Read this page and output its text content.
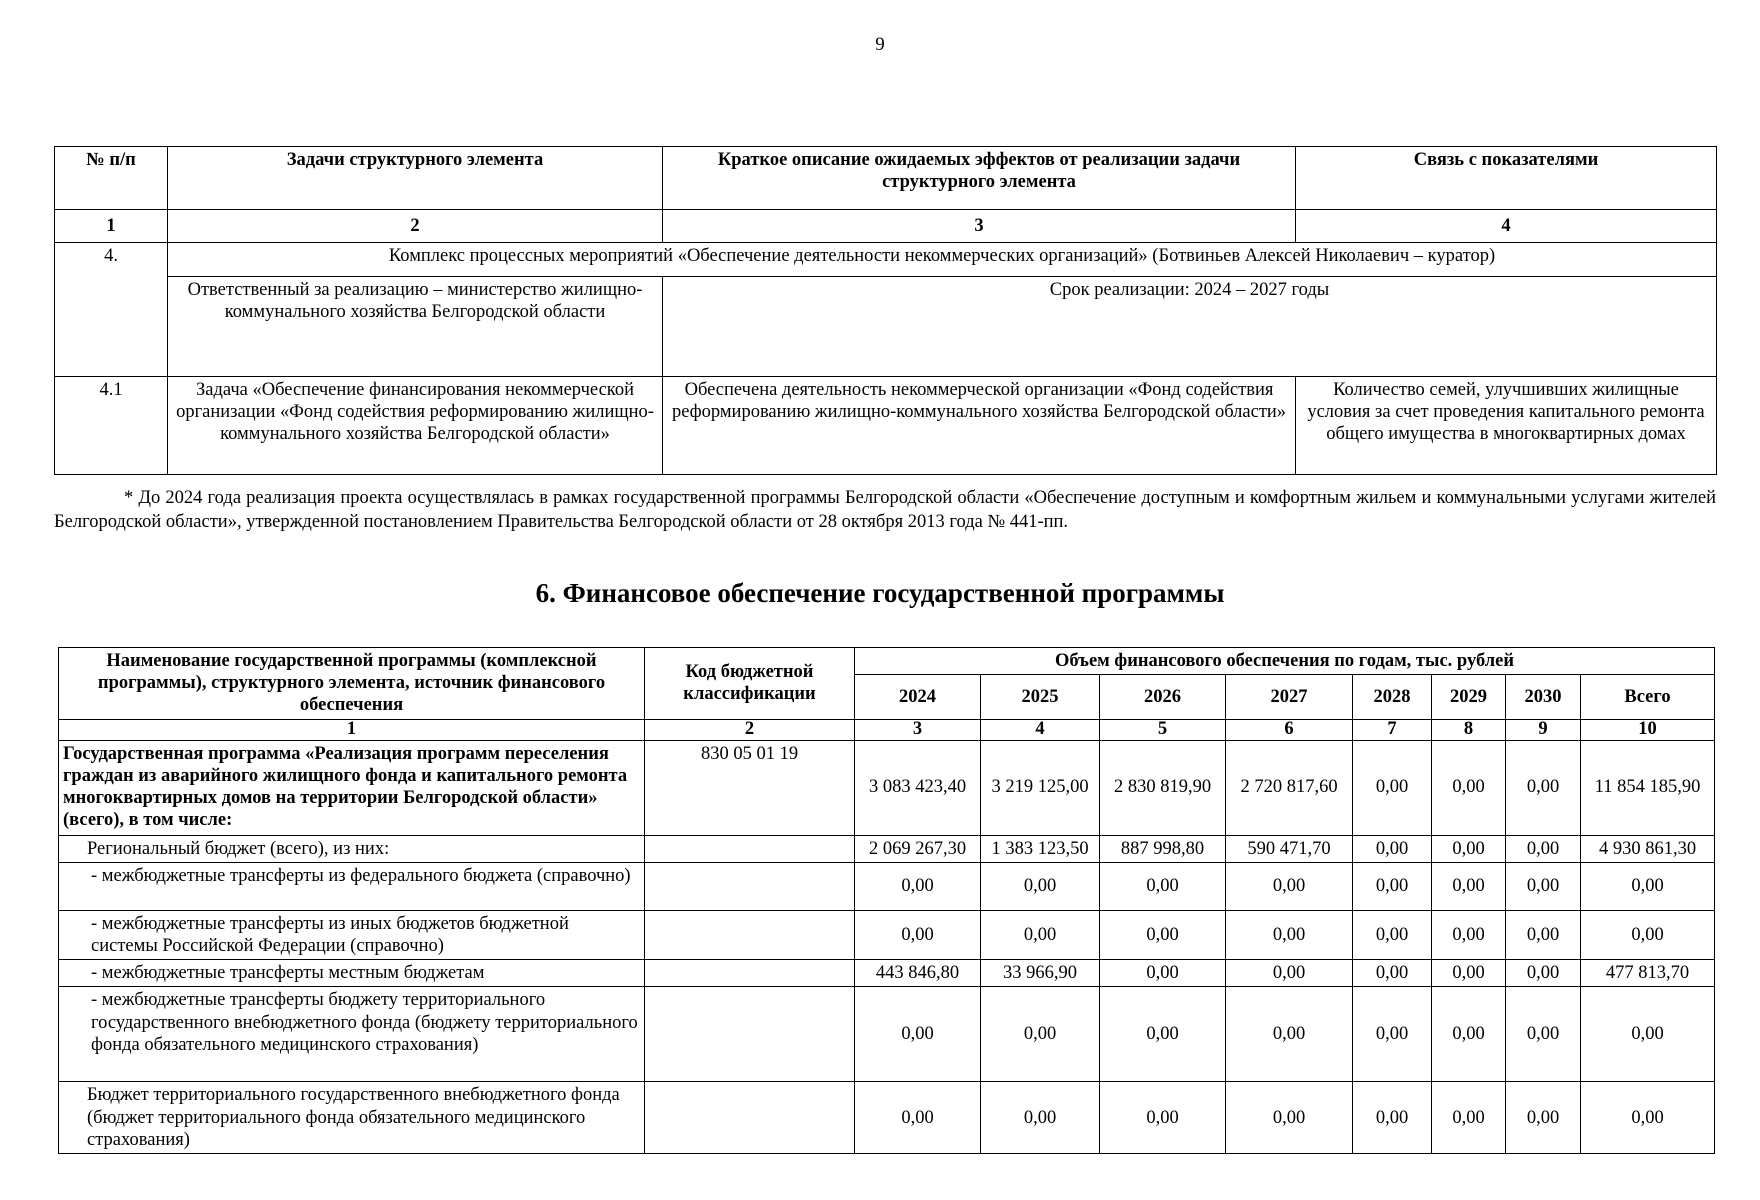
9
№ п/п	Задачи структурного элемента	Краткое описание ожидаемых эффектов от реализации задачи структурного элемента	Связь с показателями
1	2	3	4
4.	Комплекс процессных мероприятий «Обеспечение деятельности некоммерческих организаций» (Ботвиньев Алексей Николаевич – куратор)		
	Ответственный за реализацию – министерство жилищно-коммунального хозяйства Белгородской области	Срок реализации: 2024 – 2027 годы	
4.1	Задача «Обеспечение финансирования некоммерческой организации «Фонд содействия реформированию жилищно-коммунального хозяйства Белгородской области»	Обеспечена деятельность некоммерческой организации «Фонд содействия реформированию жилищно-коммунального хозяйства Белгородской области»	Количество семей, улучшивших жилищные условия за счет проведения капитального ремонта общего имущества в многоквартирных домах

* До 2024 года реализация проекта осуществлялась в рамках государственной программы Белгородской области «Обеспечение доступным и комфортным жильем и коммунальными услугами жителей Белгородской области», утвержденной постановлением Правительства Белгородской области от 28 октября 2013 года № 441-пп.

6. Финансовое обеспечение государственной программы
Наименование государственной программы (комплексной программы), структурного элемента, источник финансового обеспечения	Код бюджетной классификации	Объем финансового обеспечения по годам, тыс. рублей							
		2024	2025	2026	2027	2028	2029	2030	Всего
1	2	3	4	5	6	7	8	9	10
Государственная программа «Реализация программ переселения граждан из аварийного жилищного фонда и капитального ремонта многоквартирных домов на территории Белгородской области» (всего), в том числе:	830 05 01 19	3 083 423,40	3 219 125,00	2 830 819,90	2 720 817,60	0,00	0,00	0,00	11 854 185,90
Региональный бюджет (всего), из них:		2 069 267,30	1 383 123,50	887 998,80	590 471,70	0,00	0,00	0,00	4 930 861,30
- межбюджетные трансферты из федерального бюджета (справочно)		0,00	0,00	0,00	0,00	0,00	0,00	0,00	0,00
- межбюджетные трансферты из иных бюджетов бюджетной системы Российской Федерации (справочно)		0,00	0,00	0,00	0,00	0,00	0,00	0,00	0,00
- межбюджетные трансферты местным бюджетам		443 846,80	33 966,90	0,00	0,00	0,00	0,00	0,00	477 813,70
- межбюджетные трансферты бюджету территориального государственного внебюджетного фонда (бюджету территориального фонда обязательного медицинского страхования)		0,00	0,00	0,00	0,00	0,00	0,00	0,00	0,00
Бюджет территориального государственного внебюджетного фонда (бюджет территориального фонда обязательного медицинского страхования)		0,00	0,00	0,00	0,00	0,00	0,00	0,00	0,00
